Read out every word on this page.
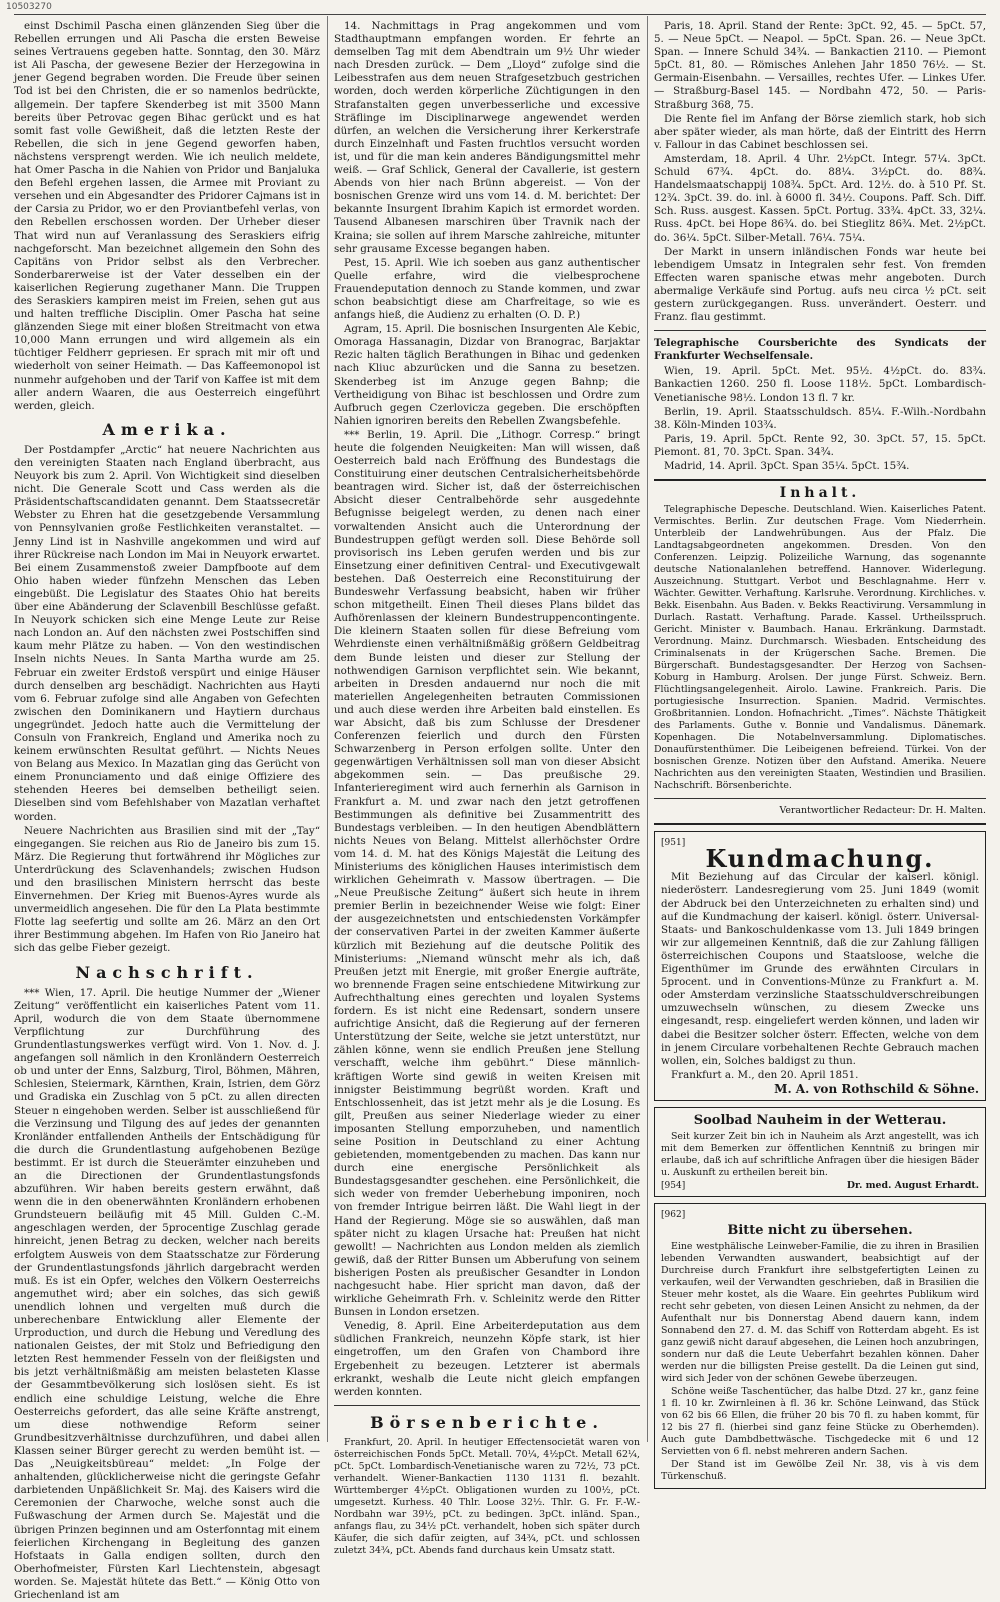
10503270

einst Dschimil Pascha einen glänzenden Sieg über die Rebellen errungen und Ali Pascha die ersten Beweise seines Vertrauens gegeben hatte. Sonntag, den 30. März ist Ali Pascha, der gewesene Bezier der Herzegowina in jener Gegend begraben worden. Die Freude über seinen Tod ist bei den Christen, die er so namenlos bedrückte, allgemein. Der tapfere Skenderbeg ist mit 3500 Mann bereits über Petrovac gegen Bihac gerückt und es hat somit fast volle Gewißheit, daß die letzten Reste der Rebellen, die sich in jene Gegend geworfen haben, nächstens versprengt werden. Wie ich neulich meldete, hat Omer Pascha in die Nahien von Pridor und Banjaluka den Befehl ergehen lassen, die Armee mit Proviant zu versehen und ein Abgesandter des Pridorer Cajmans ist in der Carsia zu Pridor, wo er den Proviantbefehl verlas, von den Rebellen erschossen worden. Der Urheber dieser That wird nun auf Veranlassung des Seraskiers eifrig nachgeforscht. Man bezeichnet allgemein den Sohn des Capitäns von Pridor selbst als den Verbrecher. Sonderbarerweise ist der Vater desselben ein der kaiserlichen Regierung zugethaner Mann. Die Truppen des Seraskiers kampiren meist im Freien, sehen gut aus und halten treffliche Disciplin. Omer Pascha hat seine glänzenden Siege mit einer bloßen Streitmacht von etwa 10,000 Mann errungen und wird allgemein als ein tüchtiger Feldherr gepriesen. Er sprach mit mir oft und wiederholt von seiner Heimath. — Das Kaffeemonopol ist nunmehr aufgehoben und der Tarif von Kaffee ist mit dem aller andern Waaren, die aus Oesterreich eingeführt werden, gleich.

Amerika.

Der Postdampfer „Arctic“ hat neuere Nachrichten aus den vereinigten Staaten nach England überbracht, aus Neuyork bis zum 2. April. Von Wichtigkeit sind dieselben nicht. Die Generale Scott und Cass werden als die Präsidentschaftscandidaten genannt. Dem Staatssecretär Webster zu Ehren hat die gesetzgebende Versammlung von Pennsylvanien große Festlichkeiten veranstaltet. — Jenny Lind ist in Nashville angekommen und wird auf ihrer Rückreise nach London im Mai in Neuyork erwartet. Bei einem Zusammenstoß zweier Dampfboote auf dem Ohio haben wieder fünfzehn Menschen das Leben eingebüßt. Die Legislatur des Staates Ohio hat bereits über eine Abänderung der Sclavenbill Beschlüsse gefaßt. In Neuyork schicken sich eine Menge Leute zur Reise nach London an. Auf den nächsten zwei Postschiffen sind kaum mehr Plätze zu haben. — Von den westindischen Inseln nichts Neues. In Santa Martha wurde am 25. Februar ein zweiter Erdstoß verspürt und einige Häuser durch denselben arg beschädigt. Nachrichten aus Hayti vom 6. Februar zufolge sind alle Angaben von Gefechten zwischen den Dominikanern und Haytiern durchaus ungegründet. Jedoch hatte auch die Vermittelung der Consuln von Frankreich, England und Amerika noch zu keinem erwünschten Resultat geführt. — Nichts Neues von Belang aus Mexico. In Mazatlan ging das Gerücht von einem Pronunciamento und daß einige Offiziere des stehenden Heeres bei demselben betheiligt seien. Dieselben sind vom Befehlshaber von Mazatlan verhaftet worden.

Neuere Nachrichten aus Brasilien sind mit der „Tay“ eingegangen. Sie reichen aus Rio de Janeiro bis zum 15. März. Die Regierung thut fortwährend ihr Mögliches zur Unterdrückung des Sclavenhandels; zwischen Hudson und den brasilischen Ministern herrscht das beste Einvernehmen. Der Krieg mit Buenos-Ayres wurde als unvermeidlich angesehen. Die für den La Plata bestimmte Flotte lag seefertig und sollte am 26. März an den Ort ihrer Bestimmung abgehen. Im Hafen von Rio Janeiro hat sich das gelbe Fieber gezeigt.

Nachschrift.

*** Wien, 17. April. Die heutige Nummer der „Wiener Zeitung“ veröffentlicht ein kaiserliches Patent vom 11. April, wodurch die von dem Staate übernommene Verpflichtung zur Durchführung des Grundentlastungswerkes verfügt wird. Von 1. Nov. d. J. angefangen soll nämlich in den Kronländern Oesterreich ob und unter der Enns, Salzburg, Tirol, Böhmen, Mähren, Schlesien, Steiermark, Kärnthen, Krain, Istrien, dem Görz und Gradiska ein Zuschlag von 5 pCt. zu allen directen Steuer n eingehoben werden. Selber ist ausschließend für die Verzinsung und Tilgung des auf jedes der genannten Kronländer entfallenden Antheils der Entschädigung für die durch die Grundentlastung aufgehobenen Bezüge bestimmt. Er ist durch die Steuerämter einzuheben und an die Directionen der Grundentlastungsfonds abzuführen. Wir haben bereits gestern erwähnt, daß wenn die in den obenerwähnten Kronländern erhobenen Grundsteuern beiläufig mit 45 Mill. Gulden C.-M. angeschlagen werden, der 5procentige Zuschlag gerade hinreicht, jenen Betrag zu decken, welcher nach bereits erfolgtem Ausweis von dem Staatsschatze zur Förderung der Grundentlastungsfonds jährlich dargebracht werden muß. Es ist ein Opfer, welches den Völkern Oesterreichs angemuthet wird; aber ein solches, das sich gewiß unendlich lohnen und vergelten muß durch die unberechenbare Entwicklung aller Elemente der Urproduction, und durch die Hebung und Veredlung des nationalen Geistes, der mit Stolz und Befriedigung den letzten Rest hemmender Fesseln von der fleißigsten und bis jetzt verhältnißmäßig am meisten belasteten Klasse der Gesammtbevölkerung sich loslösen sieht. Es ist endlich eine schuldige Leistung, welche die Ehre Oesterreichs gefordert, das alle seine Kräfte anstrengt, um diese nothwendige Reform seiner Grundbesitzverhältnisse durchzuführen, und dabei allen Klassen seiner Bürger gerecht zu werden bemüht ist. — Das „Neuigkeitsbüreau“ meldet: „In Folge der anhaltenden, glücklicherweise nicht die geringste Gefahr darbietenden Unpäßlichkeit Sr. Maj. des Kaisers wird die Ceremonien der Charwoche, welche sonst auch die Fußwaschung der Armen durch Se. Majestät und die übrigen Prinzen beginnen und am Osterfonntag mit einem feierlichen Kirchengang in Begleitung des ganzen Hofstaats in Galla endigen sollten, durch den Oberhofmeister, Fürsten Karl Liechtenstein, abgesagt worden. Se. Majestät hütete das Bett.“ — König Otto von Griechenland ist am

14. Nachmittags in Prag angekommen und vom Stadthauptmann empfangen worden. Er fehrte an demselben Tag mit dem Abendtrain um 9½ Uhr wieder nach Dresden zurück. — Dem „Lloyd“ zufolge sind die Leibesstrafen aus dem neuen Strafgesetzbuch gestrichen worden, doch werden körperliche Züchtigungen in den Strafanstalten gegen unverbesserliche und excessive Sträflinge im Disciplinarwege angewendet werden dürfen, an welchen die Versicherung ihrer Kerkerstrafe durch Einzelnhaft und Fasten fruchtlos versucht worden ist, und für die man kein anderes Bändigungsmittel mehr weiß. — Graf Schlick, General der Cavallerie, ist gestern Abends von hier nach Brünn abgereist. — Von der bosnischen Grenze wird uns vom 14. d. M. berichtet: Der bekannte Insurgent Ibrahim Kapich ist ermordet worden. Tausend Albanesen marschiren über Travnik nach der Kraina; sie sollen auf ihrem Marsche zahlreiche, mitunter sehr grausame Excesse begangen haben.

Pest, 15. April. Wie ich soeben aus ganz authentischer Quelle erfahre, wird die vielbesprochene Frauendeputation dennoch zu Stande kommen, und zwar schon beabsichtigt diese am Charfreitage, so wie es anfangs hieß, die Audienz zu erhalten (O. D. P.)

Agram, 15. April. Die bosnischen Insurgenten Ale Kebic, Omoraga Hassanagin, Dizdar von Branograc, Barjaktar Rezic halten täglich Berathungen in Bihac und gedenken nach Kliuc abzurücken und die Sanna zu besetzen. Skenderbeg ist im Anzuge gegen Bahnp; die Vertheidigung von Bihac ist beschlossen und Ordre zum Aufbruch gegen Czerlovicza gegeben. Die erschöpften Nahien ignoriren bereits den Rebellen Zwangsbefehle.

*** Berlin, 19. April. Die „Lithogr. Corresp.“ bringt heute die folgenden Neuigkeiten: Man will wissen, daß Oesterreich bald nach Eröffnung des Bundestags die Constituirung einer deutschen Centralsicherheitsbehörde beantragen wird. Sicher ist, daß der österreichischen Absicht dieser Centralbehörde sehr ausgedehnte Befugnisse beigelegt werden, zu denen nach einer vorwaltenden Ansicht auch die Unterordnung der Bundestruppen gefügt werden soll. Diese Behörde soll provisorisch ins Leben gerufen werden und bis zur Einsetzung einer definitiven Central- und Executivgewalt bestehen. Daß Oesterreich eine Reconstituirung der Bundeswehr Verfassung beabsicht, haben wir früher schon mitgetheilt. Einen Theil dieses Plans bildet das Aufhörenlassen der kleinern Bundestruppencontingente. Die kleinern Staaten sollen für diese Befreiung vom Wehrdienste einen verhältnißmäßig größern Geldbeitrag dem Bunde leisten und dieser zur Stellung der nothwendigen Garnison verpflichtet sein. Wie bekannt, arbeiten in Dresden andauernd nur noch die mit materiellen Angelegenheiten betrauten Commissionen und auch diese werden ihre Arbeiten bald einstellen. Es war Absicht, daß bis zum Schlusse der Dresdener Conferenzen feierlich und durch den Fürsten Schwarzenberg in Person erfolgen sollte. Unter den gegenwärtigen Verhältnissen soll man von dieser Absicht abgekommen sein. — Das preußische 29. Infanterieregiment wird auch fernerhin als Garnison in Frankfurt a. M. und zwar nach den jetzt getroffenen Bestimmungen als definitive bei Zusammentritt des Bundestags verbleiben. — In den heutigen Abendblättern nichts Neues von Belang. Mittelst allerhöchster Ordre vom 14. d. M. hat des Königs Majestät die Leitung des Ministeriums des königlichen Hauses interimistisch dem wirklichen Geheimrath v. Massow übertragen. — Die „Neue Preußische Zeitung“ äußert sich heute in ihrem premier Berlin in bezeichnender Weise wie folgt: Einer der ausgezeichnetsten und entschiedensten Vorkämpfer der conservativen Partei in der zweiten Kammer äußerte kürzlich mit Beziehung auf die deutsche Politik des Ministeriums: „Niemand wünscht mehr als ich, daß Preußen jetzt mit Energie, mit großer Energie aufträte, wo brennende Fragen seine entschiedene Mitwirkung zur Aufrechthaltung eines gerechten und loyalen Systems fordern. Es ist nicht eine Redensart, sondern unsere aufrichtige Ansicht, daß die Regierung auf der ferneren Unterstützung der Seite, welche sie jetzt unterstützt, nur zählen könne, wenn sie endlich Preußen jene Stellung verschafft, welche ihm gebührt.“ Diese männlich-kräftigen Worte sind gewiß in weiten Kreisen mit innigster Beistimmung begrüßt worden. Kraft und Entschlossenheit, das ist jetzt mehr als je die Losung. Es gilt, Preußen aus seiner Niederlage wieder zu einer imposanten Stellung emporzuheben, und namentlich seine Position in Deutschland zu einer Achtung gebietenden, momentgebenden zu machen. Das kann nur durch eine energische Persönlichkeit als Bundestagsgesandter geschehen. eine Persönlichkeit, die sich weder von fremder Ueberhebung imponiren, noch von fremder Intrigue beirren läßt. Die Wahl liegt in der Hand der Regierung. Möge sie so auswählen, daß man später nicht zu klagen Ursache hat: Preußen hat nicht gewollt! — Nachrichten aus London melden als ziemlich gewiß, daß der Ritter Bunsen um Abberufung von seinem bisherigen Posten als preußischer Gesandter in London nachgesucht habe. Hier spricht man davon, daß der wirkliche Geheimrath Frh. v. Schleinitz werde den Ritter Bunsen in London ersetzen.

Venedig, 8. April. Eine Arbeiterdeputation aus dem südlichen Frankreich, neunzehn Köpfe stark, ist hier eingetroffen, um den Grafen von Chambord ihre Ergebenheit zu bezeugen. Letzterer ist abermals erkrankt, weshalb die Leute nicht gleich empfangen werden konnten.

Börsenberichte.

Frankfurt, 20. April. In heutiger Effectensocietät waren von österreichischen Fonds 5pCt. Metall. 70¼, 4½pCt. Metall 62¼, pCt. 5pCt. Lombardisch-Venetianische waren zu 72½, 73 pCt. verhandelt. Wiener-Bankactien 1130 1131 fl. bezahlt. Württemberger 4½pCt. Obligationen wurden zu 100½, pCt. umgesetzt. Kurhess. 40 Thlr. Loose 32½. Thlr. G. Fr. F.-W.-Nordbahn war 39½, pCt. zu bedingen. 3pCt. inländ. Span., anfangs flau, zu 34½ pCt. verhandelt, hoben sich später durch Käufer, die sich dafür zeigten, auf 34¾, pCt. und schlossen zuletzt 34¾, pCt. Abends fand durchaus kein Umsatz statt.

Paris, 18. April. Stand der Rente: 3pCt. 92, 45. — 5pCt. 57, 5. — Neue 5pCt. — Neapol. — 5pCt. Span. 26. — Neue 3pCt. Span. — Innere Schuld 34¾. — Bankactien 2110. — Piemont 5pCt. 81, 80. — Römisches Anlehen Jahr 1850 76½. — St. Germain-Eisenbahn. — Versailles, rechtes Ufer. — Linkes Ufer. — Straßburg-Basel 145. — Nordbahn 472, 50. — Paris-Straßburg 368, 75.

Die Rente fiel im Anfang der Börse ziemlich stark, hob sich aber später wieder, als man hörte, daß der Eintritt des Herrn v. Fallour in das Cabinet beschlossen sei.

Amsterdam, 18. April. 4 Uhr. 2½pCt. Integr. 57¼. 3pCt. Schuld 67¾. 4pCt. do. 88¼. 3½pCt. do. 88¾. Handelsmaatschappij 108¾. 5pCt. Ard. 12½. do. à 510 Pf. St. 12¾. 3pCt. 39. do. inl. à 6000 fl. 34½. Coupons. Paff. Sch. Diff. Sch. Russ. ausgest. Kassen. 5pCt. Portug. 33¾. 4pCt. 33, 32¼. Russ. 4pCt. bei Hope 86¾. do. bei Stieglitz 86¾. Met. 2½pCt. do. 36¼. 5pCt. Silber-Metall. 76¼. 75¼.

Der Markt in unsern inländischen Fonds war heute bei lebendigem Umsatz in Integralen sehr fest. Von fremden Effecten waren spanische etwas mehr angeboten. Durch abermalige Verkäufe sind Portug. aufs neu circa ½ pCt. seit gestern zurückgegangen. Russ. unverändert. Oesterr. und Franz. flau gestimmt.

Telegraphische Coursberichte des Syndicats der Frankfurter Wechselfensale.

Wien, 19. April. 5pCt. Met. 95½. 4½pCt. do. 83¾. Bankactien 1260. 250 fl. Loose 118½. 5pCt. Lombardisch-Venetianische 98½. London 13 fl. 7 kr.

Berlin, 19. April. Staatsschuldsch. 85¼. F.-Wilh.-Nordbahn 38. Köln-Minden 103¾.

Paris, 19. April. 5pCt. Rente 92, 30. 3pCt. 57, 15. 5pCt. Piemont. 81, 70. 3pCt. Span. 34¾.

Madrid, 14. April. 3pCt. Span 35¼. 5pCt. 15¾.

Inhalt.

Telegraphische Depesche. Deutschland. Wien. Kaiserliches Patent. Vermischtes. Berlin. Zur deutschen Frage. Vom Niederrhein. Unterbleib der Landwehrübungen. Aus der Pfalz. Die Landtagsabgeordneten angekommen. Dresden. Von den Conferenzen. Leipzig. Polizeiliche Warnung, das sogenannte deutsche Nationalanlehen betreffend. Hannover. Widerlegung. Auszeichnung. Stuttgart. Verbot und Beschlagnahme. Herr v. Wächter. Gewitter. Verhaftung. Karlsruhe. Verordnung. Kirchliches. v. Bekk. Eisenbahn. Aus Baden. v. Bekks Reactivirung. Versammlung in Durlach. Rastatt. Verhaftung. Parade. Kassel. Urtheilsspruch. Gericht. Minister v. Baumbach. Hanau. Erkränkung. Darmstadt. Verordnung. Mainz. Durchmarsch. Wiesbaden. Entscheidung des Criminalsenats in der Krügerschen Sache. Bremen. Die Bürgerschaft. Bundestagsgesandter. Der Herzog von Sachsen-Koburg in Hamburg. Arolsen. Der junge Fürst. Schweiz. Bern. Flüchtlingsangelegenheit. Airolo. Lawine. Frankreich. Paris. Die portugiesische Insurrection. Spanien. Madrid. Vermischtes. Großbritannien. London. Hofnachricht. „Times“. Nächste Thätigkeit des Parlaments. Guthe v. Bonnie und Vandalismus. Dänemark. Kopenhagen. Die Notabelnversammlung. Diplomatisches. Donaufürstenthümer. Die Leibeigenen befreiend. Türkei. Von der bosnischen Grenze. Notizen über den Aufstand. Amerika. Neuere Nachrichten aus den vereinigten Staaten, Westindien und Brasilien. Nachschrift. Börsenberichte.

Verantwortlicher Redacteur: Dr. H. Malten.
[951]
Kundmachung.

Mit Beziehung auf das Circular der kaiserl. königl. niederösterr. Landesregierung vom 25. Juni 1849 (womit der Abdruck bei den Unterzeichneten zu erhalten sind) und auf die Kundmachung der kaiserl. königl. österr. Universal-Staats- und Bankoschuldenkasse vom 13. Juli 1849 bringen wir zur allgemeinen Kenntniß, daß die zur Zahlung fälligen österreichischen Coupons und Staatsloose, welche die Eigenthümer im Grunde des erwähnten Circulars in 5procent. und in Conventions-Münze zu Frankfurt a. M. oder Amsterdam verzinsliche Staatsschuldverschreibungen umzuwechseln wünschen, zu diesem Zwecke uns eingesandt, resp. eingeliefert werden können, und laden wir dabei die Besitzer solcher österr. Effecten, welche von dem in jenem Circulare vorbehaltenen Rechte Gebrauch machen wollen, ein, Solches baldigst zu thun.

Frankfurt a. M., den 20. April 1851.

M. A. von Rothschild & Söhne.
Soolbad Nauheim in der Wetterau.

Seit kurzer Zeit bin ich in Nauheim als Arzt angestellt, was ich mit dem Bemerken zur öffentlichen Kenntniß zu bringen mir erlaube, daß ich auf schriftliche Anfragen über die hiesigen Bäder u. Auskunft zu ertheilen bereit bin.

[954]	Dr. med. August Erhardt.
[962]
Bitte nicht zu übersehen.

Eine westphälische Leinweber-Familie, die zu ihren in Brasilien lebenden Verwandten auswandert, beabsichtigt auf der Durchreise durch Frankfurt ihre selbstgefertigten Leinen zu verkaufen, weil der Verwandten geschrieben, daß in Brasilien die Steuer mehr kostet, als die Waare. Ein geehrtes Publikum wird recht sehr gebeten, von diesen Leinen Ansicht zu nehmen, da der Aufenthalt nur bis Donnerstag Abend dauern kann, indem Sonnabend den 27. d. M. das Schiff von Rotterdam abgeht. Es ist ganz gewiß nicht darauf abgesehen, die Leinen hoch anzubringen, sondern nur daß die Leute Ueberfahrt bezahlen können. Daher werden nur die billigsten Preise gestellt. Da die Leinen gut sind, wird sich Jeder von der schönen Gewebe überzeugen.

Schöne weiße Taschentücher, das halbe Dtzd. 27 kr., ganz feine 1 fl. 10 kr. Zwirnleinen à fl. 36 kr. Schöne Leinwand, das Stück von 62 bis 66 Ellen, die früher 20 bis 70 fl. zu haben kommt, für 12 bis 27 fl. (hierbei sind ganz feine Stücke zu Oberhemden). Auch gute Dambdbettwäsche. Tischgedecke mit 6 und 12 Servietten von 6 fl. nebst mehreren andern Sachen.

Der Stand ist im Gewölbe Zeil Nr. 38, vis à vis dem Türkenschuß.
